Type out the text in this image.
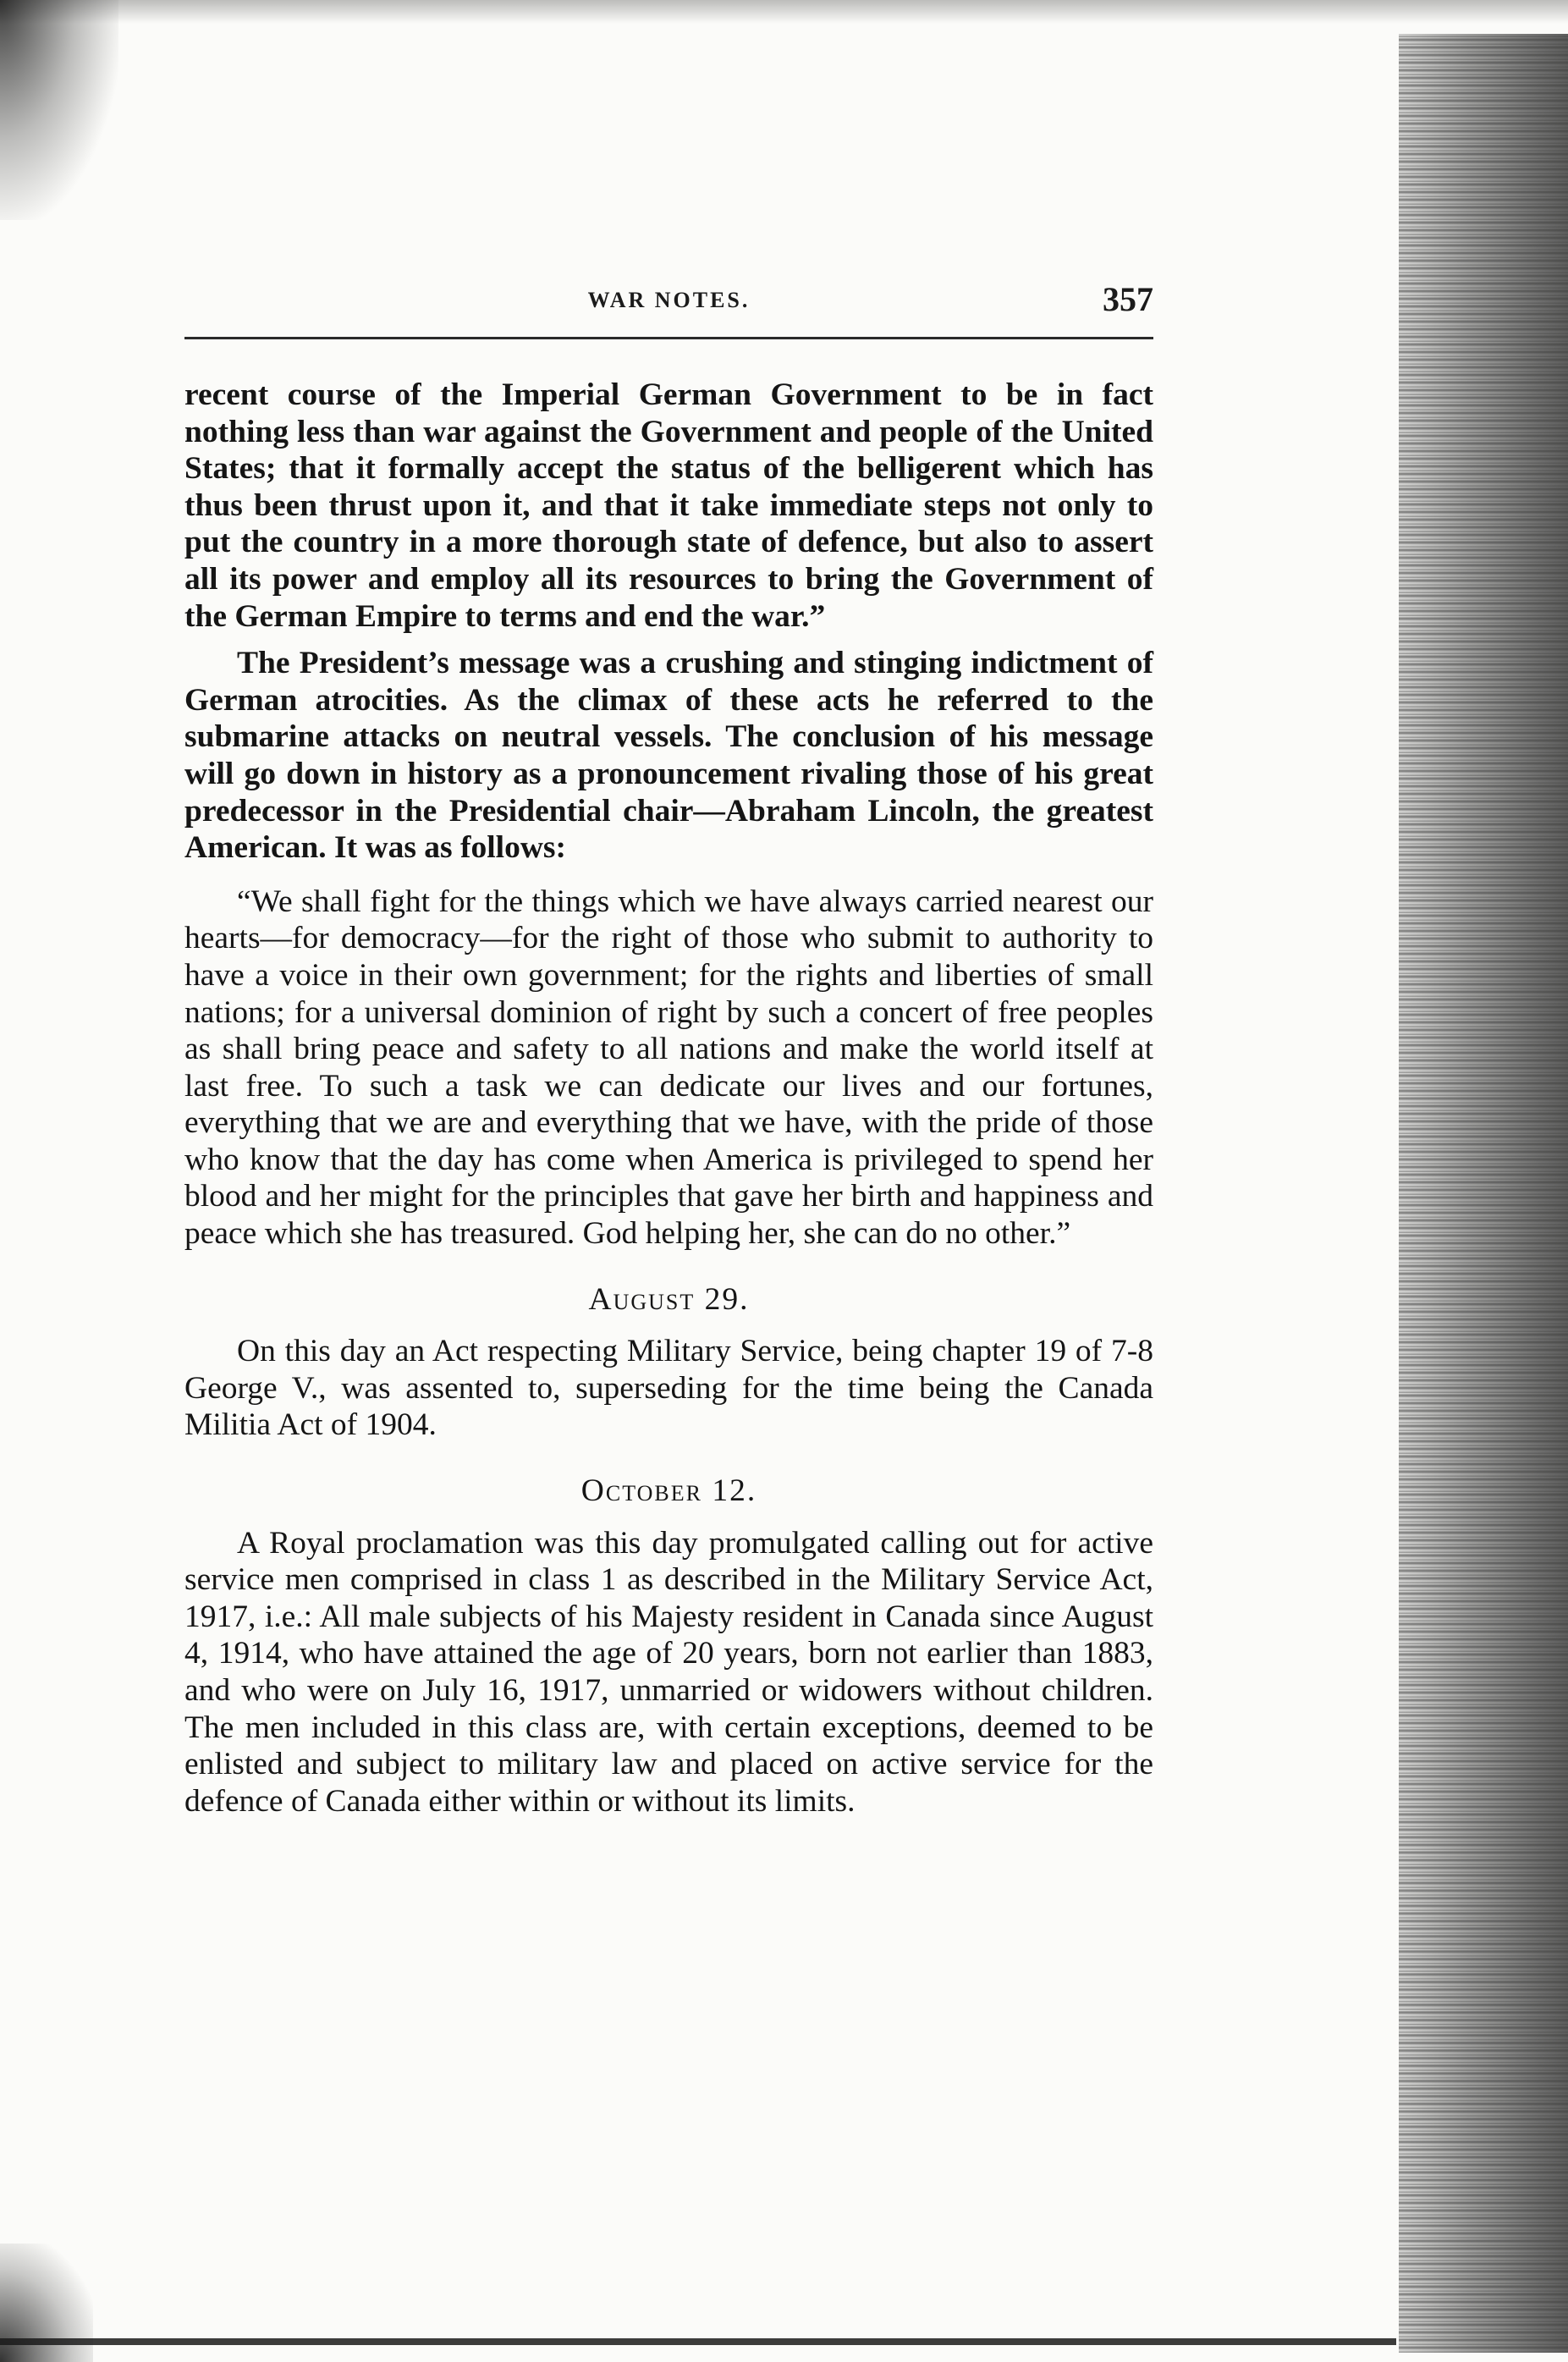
WAR NOTES.	357

recent course of the Imperial German Government to be in fact nothing less than war against the Government and people of the United States; that it formally accept the status of the belligerent which has thus been thrust upon it, and that it take immediate steps not only to put the country in a more thorough state of defence, but also to assert all its power and employ all its resources to bring the Government of the German Empire to terms and end the war.”

The President’s message was a crushing and stinging indictment of German atrocities. As the climax of these acts he referred to the submarine attacks on neutral vessels. The conclusion of his message will go down in history as a pronouncement rivaling those of his great predecessor in the Presidential chair—Abraham Lincoln, the greatest American. It was as follows:

“We shall fight for the things which we have always carried nearest our hearts—for democracy—for the right of those who submit to authority to have a voice in their own government; for the rights and liberties of small nations; for a universal dominion of right by such a concert of free peoples as shall bring peace and safety to all nations and make the world itself at last free. To such a task we can dedicate our lives and our fortunes, everything that we are and everything that we have, with the pride of those who know that the day has come when America is privileged to spend her blood and her might for the principles that gave her birth and happiness and peace which she has treasured. God helping her, she can do no other.”

August 29.

On this day an Act respecting Military Service, being chapter 19 of 7-8 George V., was assented to, superseding for the time being the Canada Militia Act of 1904.

October 12.

A Royal proclamation was this day promulgated calling out for active service men comprised in class 1 as described in the Military Service Act, 1917, i.e.: All male subjects of his Majesty resident in Canada since August 4, 1914, who have attained the age of 20 years, born not earlier than 1883, and who were on July 16, 1917, unmarried or widowers without children. The men included in this class are, with certain exceptions, deemed to be enlisted and subject to military law and placed on active service for the defence of Canada either within or without its limits.
